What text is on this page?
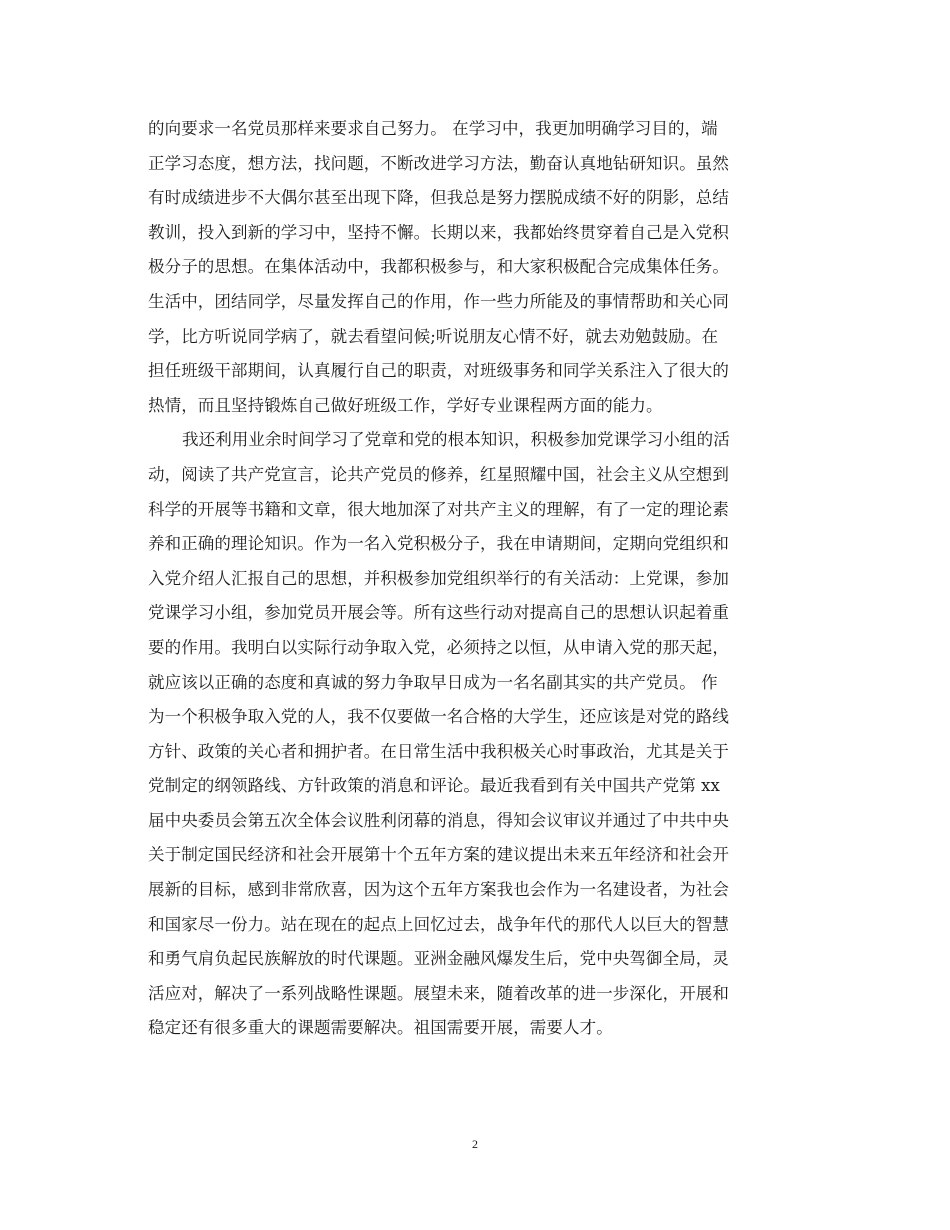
的向要求一名党员那样来要求自己努力。 在学习中，我更加明确学习目的，端
正学习态度，想方法，找问题，不断改进学习方法，勤奋认真地钻研知识。虽然
有时成绩进步不大偶尔甚至出现下降，但我总是努力摆脱成绩不好的阴影，总结
教训，投入到新的学习中，坚持不懈。长期以来，我都始终贯穿着自己是入党积
极分子的思想。在集体活动中，我都积极参与，和大家积极配合完成集体任务。
生活中，团结同学，尽量发挥自己的作用，作一些力所能及的事情帮助和关心同
学，比方听说同学病了，就去看望问候;听说朋友心情不好，就去劝勉鼓励。在
担任班级干部期间，认真履行自己的职责，对班级事务和同学关系注入了很大的
热情，而且坚持锻炼自己做好班级工作，学好专业课程两方面的能力。
我还利用业余时间学习了党章和党的根本知识，积极参加党课学习小组的活
动，阅读了共产党宣言，论共产党员的修养，红星照耀中国，社会主义从空想到
科学的开展等书籍和文章，很大地加深了对共产主义的理解，有了一定的理论素
养和正确的理论知识。作为一名入党积极分子，我在申请期间，定期向党组织和
入党介绍人汇报自己的思想，并积极参加党组织举行的有关活动：上党课，参加
党课学习小组，参加党员开展会等。所有这些行动对提高自己的思想认识起着重
要的作用。我明白以实际行动争取入党，必须持之以恒，从申请入党的那天起，
就应该以正确的态度和真诚的努力争取早日成为一名名副其实的共产党员。 作
为一个积极争取入党的人，我不仅要做一名合格的大学生，还应该是对党的路线
方针、政策的关心者和拥护者。在日常生活中我积极关心时事政治，尤其是关于
党制定的纲领路线、方针政策的消息和评论。最近我看到有关中国共产党第 xx
届中央委员会第五次全体会议胜利闭幕的消息，得知会议审议并通过了中共中央
关于制定国民经济和社会开展第十个五年方案的建议提出未来五年经济和社会开
展新的目标，感到非常欣喜，因为这个五年方案我也会作为一名建设者，为社会
和国家尽一份力。站在现在的起点上回忆过去，战争年代的那代人以巨大的智慧
和勇气肩负起民族解放的时代课题。亚洲金融风爆发生后，党中央驾御全局，灵
活应对，解决了一系列战略性课题。展望未来，随着改革的进一步深化，开展和
稳定还有很多重大的课题需要解决。祖国需要开展，需要人才。
2
